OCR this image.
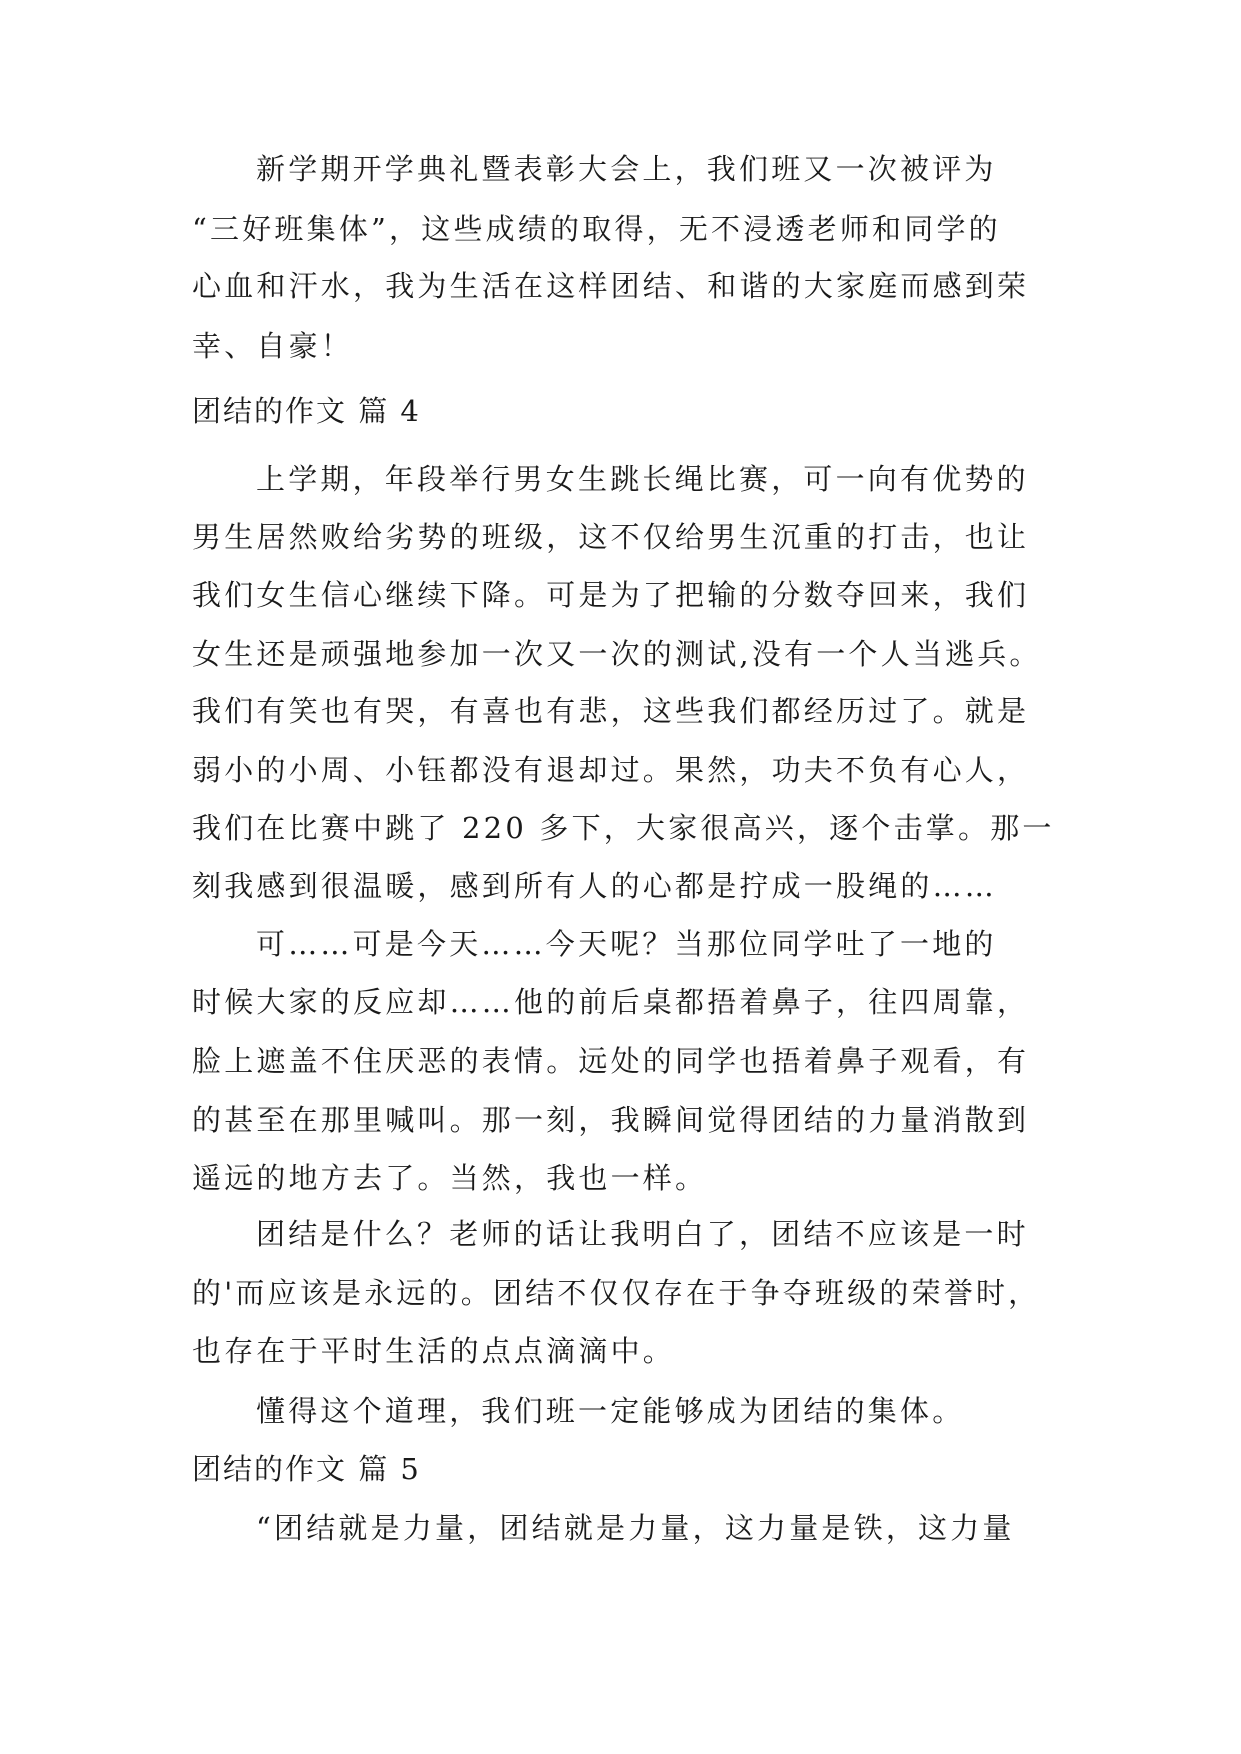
新学期开学典礼暨表彰大会上，我们班又一次被评为
“三好班集体”，这些成绩的取得，无不浸透老师和同学的
心血和汗水，我为生活在这样团结、和谐的大家庭而感到荣
幸、自豪！
团结的作文 篇 4
上学期，年段举行男女生跳长绳比赛，可一向有优势的
男生居然败给劣势的班级，这不仅给男生沉重的打击，也让
我们女生信心继续下降。可是为了把输的分数夺回来，我们
女生还是顽强地参加一次又一次的测试,没有一个人当逃兵。
我们有笑也有哭，有喜也有悲，这些我们都经历过了。就是
弱小的小周、小钰都没有退却过。果然，功夫不负有心人，
我们在比赛中跳了 220 多下，大家很高兴，逐个击掌。那一
刻我感到很温暖，感到所有人的心都是拧成一股绳的……
可……可是今天……今天呢？当那位同学吐了一地的
时候大家的反应却……他的前后桌都捂着鼻子，往四周靠，
脸上遮盖不住厌恶的表情。远处的同学也捂着鼻子观看，有
的甚至在那里喊叫。那一刻，我瞬间觉得团结的力量消散到
遥远的地方去了。当然，我也一样。
团结是什么？老师的话让我明白了，团结不应该是一时
的'而应该是永远的。团结不仅仅存在于争夺班级的荣誉时，
也存在于平时生活的点点滴滴中。
懂得这个道理，我们班一定能够成为团结的集体。
团结的作文 篇 5
“团结就是力量，团结就是力量，这力量是铁，这力量
